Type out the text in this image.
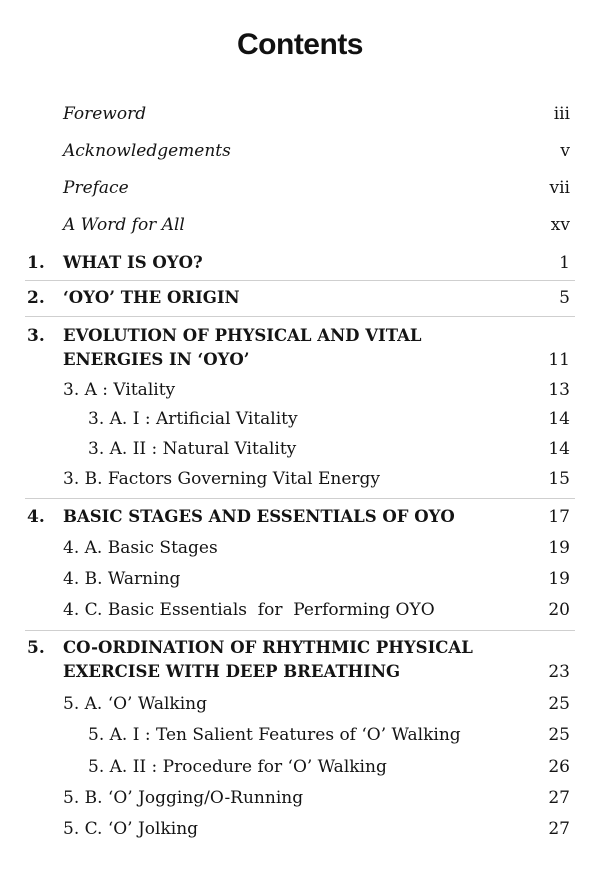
Contents
Foreword	iii
Acknowledgements	v
Preface	vii
A Word for All	xv
1. WHAT IS OYO?	1
2. ‘OYO’ THE ORIGIN	5
3. EVOLUTION OF PHYSICAL AND VITAL
ENERGIES IN ‘OYO’	11
3. A : Vitality	13
3. A. I : Artificial Vitality	14
3. A. II : Natural Vitality	14
3. B. Factors Governing Vital Energy	15
4. BASIC STAGES AND ESSENTIALS OF OYO	17
4. A. Basic Stages	19
4. B. Warning	19
4. C. Basic Essentials  for  Performing OYO	20
5. CO-ORDINATION OF RHYTHMIC PHYSICAL
EXERCISE WITH DEEP BREATHING	23
5. A. ‘O’ Walking	25
5. A. I : Ten Salient Features of ‘O’ Walking	25
5. A. II : Procedure for ‘O’ Walking	26
5. B. ‘O’ Jogging/O-Running	27
5. C. ‘O’ Jolking	27
